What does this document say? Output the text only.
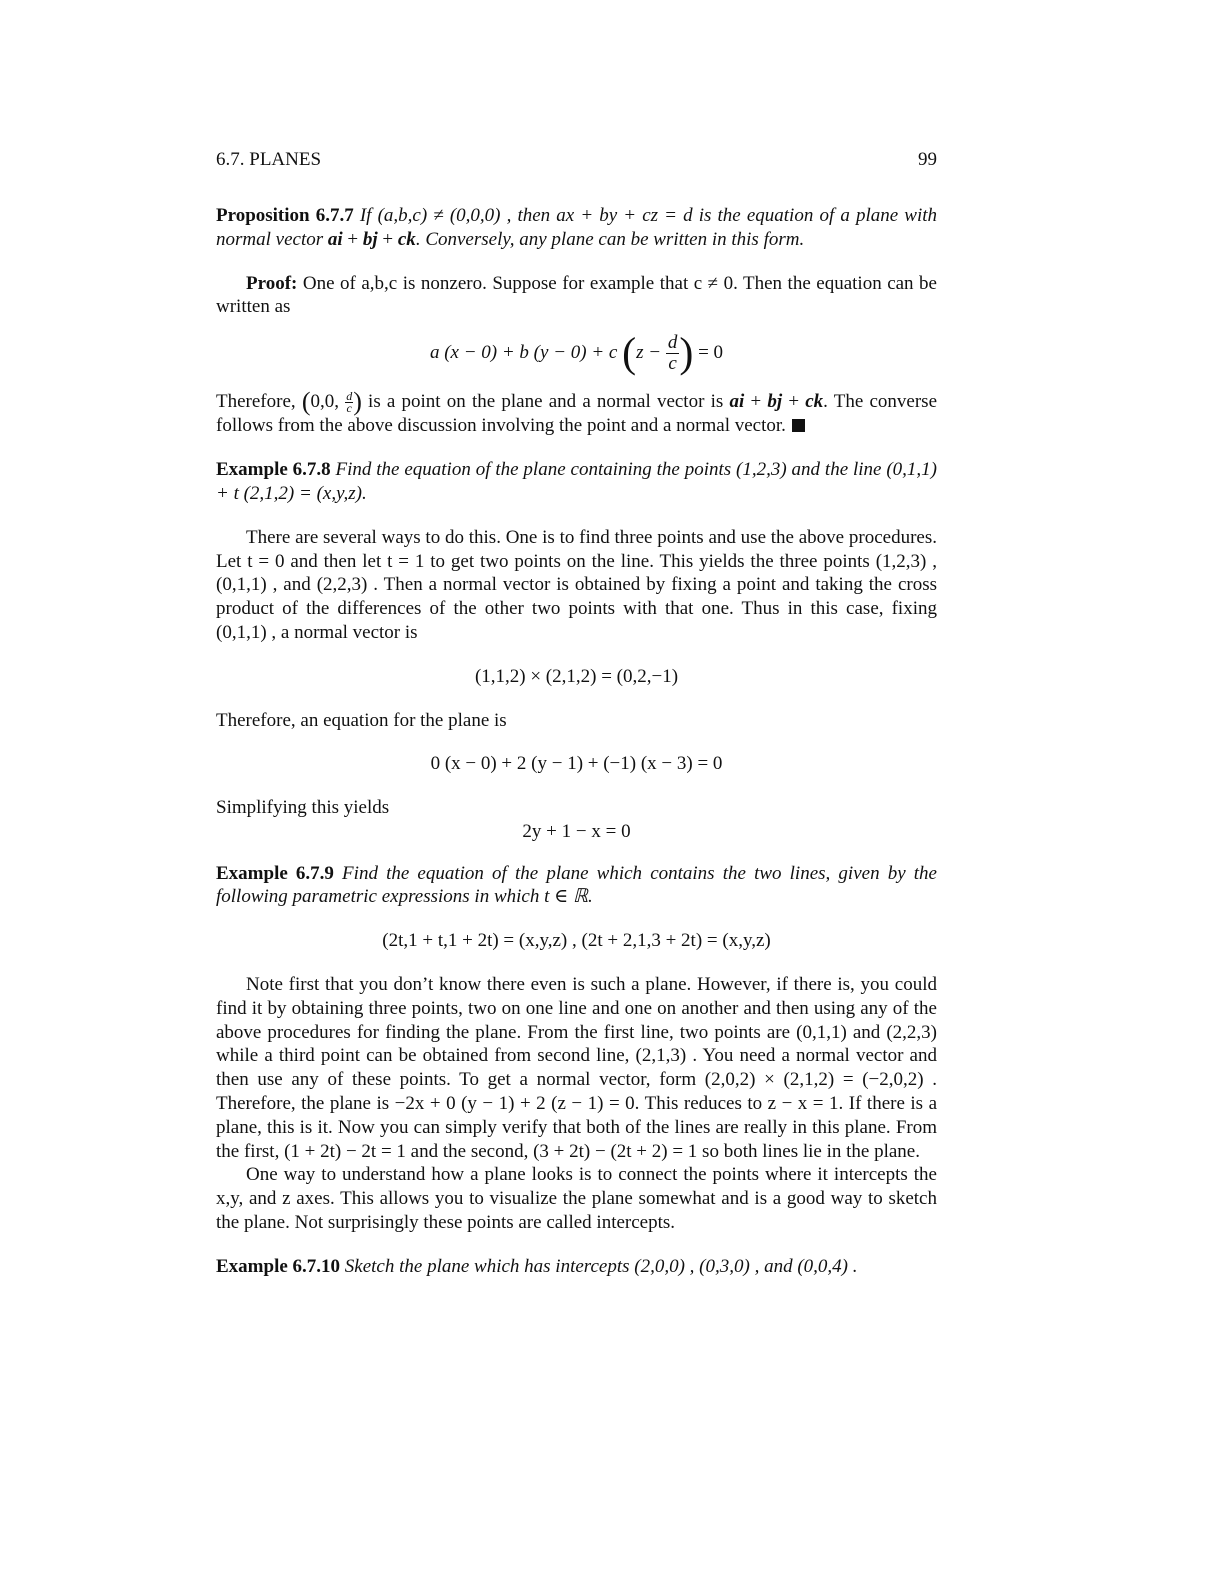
6.7. PLANES	99

Proposition 6.7.7 If (a,b,c) ≠ (0,0,0) , then ax + by + cz = d is the equation of a plane with normal vector ai + bj + ck. Conversely, any plane can be written in this form.

Proof: One of a,b,c is nonzero. Suppose for example that c ≠ 0. Then the equation can be written as

a (x − 0) + b (y − 0) + c ($z - \frac{d}{c}$ ) = 0

Therefore, (0,0, $\frac{d}{c}$ ) is a point on the plane and a normal vector is ai + bj + ck. The converse follows from the above discussion involving the point and a normal vector.

Example 6.7.8 Find the equation of the plane containing the points (1,2,3) and the line (0,1,1) + t (2,1,2) = (x,y,z).

There are several ways to do this. One is to find three points and use the above procedures. Let t = 0 and then let t = 1 to get two points on the line. This yields the three points (1,2,3) , (0,1,1) , and (2,2,3) . Then a normal vector is obtained by fixing a point and taking the cross product of the differences of the other two points with that one. Thus in this case, fixing (0,1,1) , a normal vector is

(1,1,2) × (2,1,2) = (0,2,−1)

Therefore, an equation for the plane is

0 (x − 0) + 2 (y − 1) + (−1) (x − 3) = 0

Simplifying this yields

2y + 1 − x = 0

Example 6.7.9 Find the equation of the plane which contains the two lines, given by the following parametric expressions in which t ∈ ℝ.

(2t,1 + t,1 + 2t) = (x,y,z) , (2t + 2,1,3 + 2t) = (x,y,z)

Note first that you don’t know there even is such a plane. However, if there is, you could find it by obtaining three points, two on one line and one on another and then using any of the above procedures for finding the plane. From the first line, two points are (0,1,1) and (2,2,3) while a third point can be obtained from second line, (2,1,3) . You need a normal vector and then use any of these points. To get a normal vector, form (2,0,2) × (2,1,2) = (−2,0,2) . Therefore, the plane is −2x + 0 (y − 1) + 2 (z − 1) = 0. This reduces to z − x = 1. If there is a plane, this is it. Now you can simply verify that both of the lines are really in this plane. From the first, (1 + 2t) − 2t = 1 and the second, (3 + 2t) − (2t + 2) = 1 so both lines lie in the plane.

One way to understand how a plane looks is to connect the points where it intercepts the x,y, and z axes. This allows you to visualize the plane somewhat and is a good way to sketch the plane. Not surprisingly these points are called intercepts.

Example 6.7.10 Sketch the plane which has intercepts (2,0,0) , (0,3,0) , and (0,0,4) .
